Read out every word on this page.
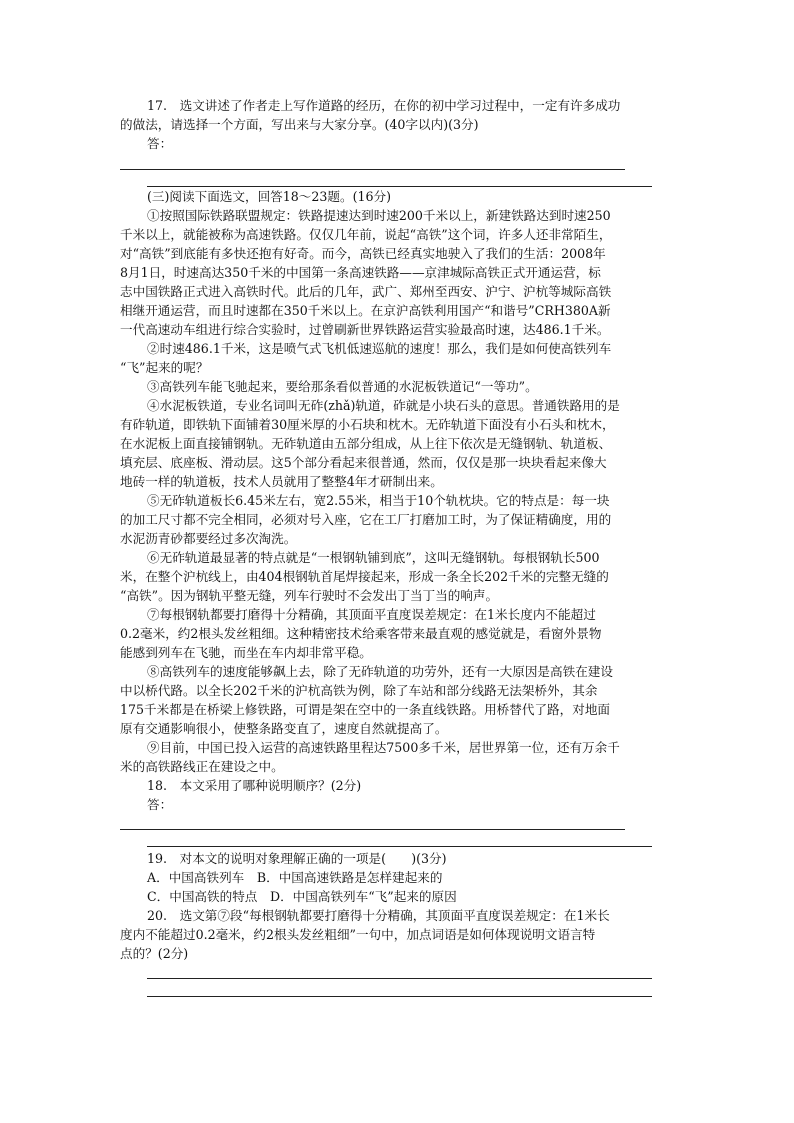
17.　选文讲述了作者走上写作道路的经历，在你的初中学习过程中，一定有许多成功
的做法，请选择一个方面，写出来与大家分享。(40字以内)(3分)
答：
(三)阅读下面选文，回答18～23题。(16分)
①按照国际铁路联盟规定：铁路提速达到时速200千米以上，新建铁路达到时速250
千米以上，就能被称为高速铁路。仅仅几年前，说起“高铁”这个词，许多人还非常陌生，
对“高铁”到底能有多快还抱有好奇。而今，高铁已经真实地驶入了我们的生活：2008年
8月1日，时速高达350千米的中国第一条高速铁路——京津城际高铁正式开通运营，标
志中国铁路正式进入高铁时代。此后的几年，武广、郑州至西安、沪宁、沪杭等城际高铁
相继开通运营，而且时速都在350千米以上。在京沪高铁利用国产“和谐号”CRH380A新
一代高速动车组进行综合实验时，过曾刷新世界铁路运营实验最高时速，达486.1千米。
②时速486.1千米，这是喷气式飞机低速巡航的速度！那么，我们是如何使高铁列车
“飞”起来的呢？
③高铁列车能飞驰起来，要给那条看似普通的水泥板铁道记“一等功”。
④水泥板铁道，专业名词叫无砟(zhǎ)轨道，砟就是小块石头的意思。普通铁路用的是
有砟轨道，即铁轨下面铺着30厘米厚的小石块和枕木。无砟轨道下面没有小石头和枕木，
在水泥板上面直接铺钢轨。无砟轨道由五部分组成，从上往下依次是无缝钢轨、轨道板、
填充层、底座板、滑动层。这5个部分看起来很普通，然而，仅仅是那一块块看起来像大
地砖一样的轨道板，技术人员就用了整整4年才研制出来。
⑤无砟轨道板长6.45米左右，宽2.55米，相当于10个轨枕块。它的特点是：每一块
的加工尺寸都不完全相同，必须对号入座，它在工厂打磨加工时，为了保证精确度，用的
水泥沥青砂都要经过多次淘洗。
⑥无砟轨道最显著的特点就是“一根钢轨铺到底”，这叫无缝钢轨。每根钢轨长500
米，在整个沪杭线上，由404根钢轨首尾焊接起来，形成一条全长202千米的完整无缝的
“高铁”。因为钢轨平整无缝，列车行驶时不会发出丁当丁当的响声。
⑦每根钢轨都要打磨得十分精确，其顶面平直度误差规定：在1米长度内不能超过
0.2毫米，约2根头发丝粗细。这种精密技术给乘客带来最直观的感觉就是，看窗外景物
能感到列车在飞驰，而坐在车内却非常平稳。
⑧高铁列车的速度能够飙上去，除了无砟轨道的功劳外，还有一大原因是高铁在建设
中以桥代路。以全长202千米的沪杭高铁为例，除了车站和部分线路无法架桥外，其余
175千米都是在桥梁上修铁路，可谓是架在空中的一条直线铁路。用桥替代了路，对地面
原有交通影响很小，使整条路变直了，速度自然就提高了。
⑨目前，中国已投入运营的高速铁路里程达7500多千米，居世界第一位，还有万余千
米的高铁路线正在建设之中。
18.　本文采用了哪种说明顺序？(2分)
答：
19.　对本文的说明对象理解正确的一项是(　　)(3分)
A．中国高铁列车　B．中国高速铁路是怎样建起来的
C．中国高铁的特点　D．中国高铁列车“飞”起来的原因
20.　选文第⑦段“每根钢轨都要打磨得十分精确，其顶面平直度误差规定：在1米长
度内不能超过0.2毫米，约2根头发丝粗细”一句中，加点词语是如何体现说明文语言特
点的？(2分)
